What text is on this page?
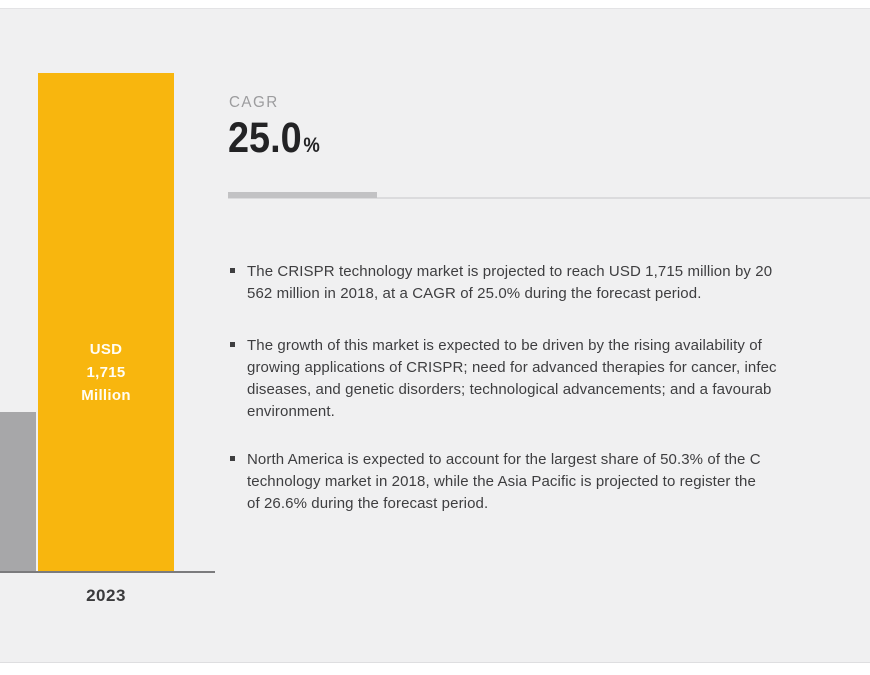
USD
1,715
Million
2023
CAGR
25.0%
The CRISPR technology market is projected to reach USD 1,715 million by 20
562 million in 2018, at a CAGR of 25.0% during the forecast period.
The growth of this market is expected to be driven by the rising availability of
growing applications of CRISPR; need for advanced therapies for cancer, infec
diseases, and genetic disorders; technological advancements; and a favourab
environment.
North America is expected to account for the largest share of 50.3% of the C
technology market in 2018, while the Asia Pacific is projected to register the
of 26.6% during the forecast period.
